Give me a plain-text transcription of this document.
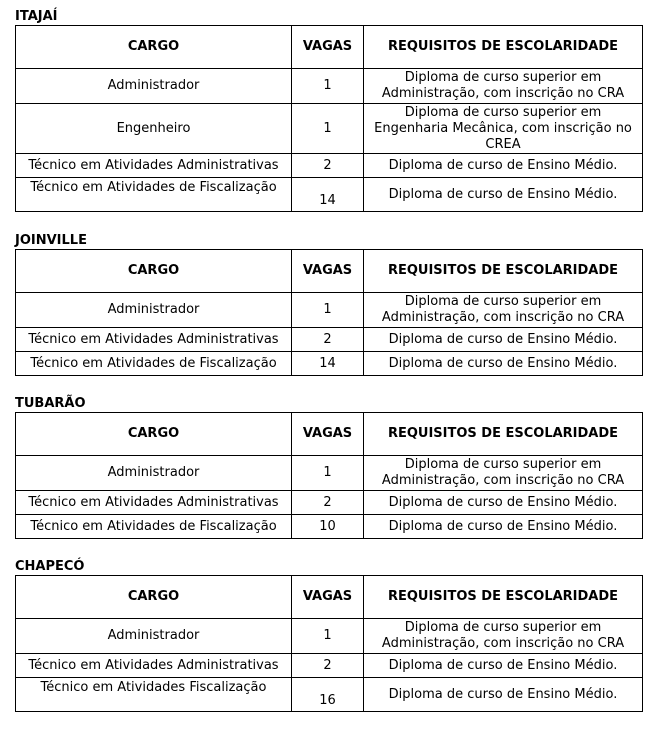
ITAJAÍ
CARGO	VAGAS	REQUISITOS DE ESCOLARIDADE
Administrador	1	Diploma de curso superior em Administração, com inscrição no CRA
Engenheiro	1	Diploma de curso superior em Engenharia Mecânica, com inscrição no CREA
Técnico em Atividades Administrativas	2	Diploma de curso de Ensino Médio.
Técnico em Atividades de Fiscalização	14	Diploma de curso de Ensino Médio.
JOINVILLE
CARGO	VAGAS	REQUISITOS DE ESCOLARIDADE
Administrador	1	Diploma de curso superior em Administração, com inscrição no CRA
Técnico em Atividades Administrativas	2	Diploma de curso de Ensino Médio.
Técnico em Atividades de Fiscalização	14	Diploma de curso de Ensino Médio.
TUBARÃO
CARGO	VAGAS	REQUISITOS DE ESCOLARIDADE
Administrador	1	Diploma de curso superior em Administração, com inscrição no CRA
Técnico em Atividades Administrativas	2	Diploma de curso de Ensino Médio.
Técnico em Atividades de Fiscalização	10	Diploma de curso de Ensino Médio.
CHAPECÓ
CARGO	VAGAS	REQUISITOS DE ESCOLARIDADE
Administrador	1	Diploma de curso superior em Administração, com inscrição no CRA
Técnico em Atividades Administrativas	2	Diploma de curso de Ensino Médio.
Técnico em Atividades Fiscalização	16	Diploma de curso de Ensino Médio.
